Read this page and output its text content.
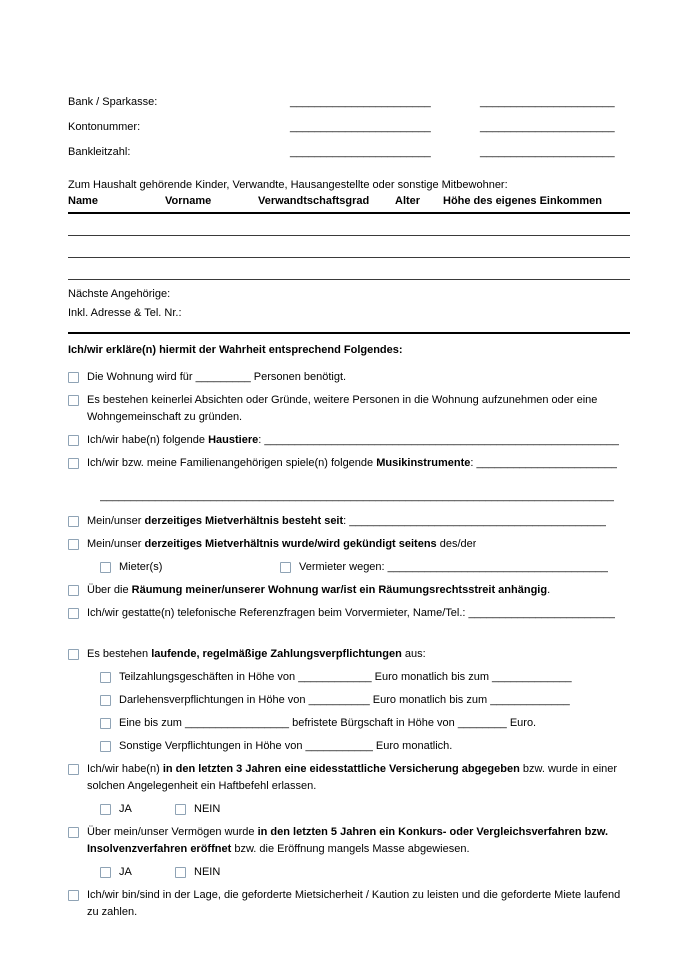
Bank / Sparkasse:	_______________________	______________________
Kontonummer:	_______________________	______________________
Bankleitzahl:	_______________________	______________________
Zum Haushalt gehörende Kinder, Verwandte, Hausangestellte oder sonstige Mitbewohner:
Name	Vorname	Verwandtschaftsgrad	Alter	Höhe des eigenes Einkommen
Nächste Angehörige:
Inkl. Adresse & Tel. Nr.:
Ich/wir erkläre(n) hiermit der Wahrheit entsprechend Folgendes:
Die Wohnung wird für _________ Personen benötigt.
Es bestehen keinerlei Absichten oder Gründe, weitere Personen in die Wohnung aufzunehmen oder eine Wohngemeinschaft zu gründen.
Ich/wir habe(n) folgende Haustiere: __________________________________________________________
Ich/wir bzw. meine Familienangehörigen spiele(n) folgende Musikinstrumente: _______________________
____________________________________________________________________________________
Mein/unser derzeitiges Mietverhältnis besteht seit: __________________________________________
Mein/unser derzeitiges Mietverhältnis wurde/wird gekündigt seitens des/der
Mieter(s)	Vermieter wegen: ____________________________________
Über die Räumung meiner/unserer Wohnung war/ist ein Räumungsrechtsstreit anhängig.
Ich/wir gestatte(n) telefonische Referenzfragen beim Vorvermieter, Name/Tel.: ________________________
Es bestehen laufende, regelmäßige Zahlungsverpflichtungen aus:
Teilzahlungsgeschäften in Höhe von ____________ Euro monatlich bis zum _____________
Darlehensverpflichtungen in Höhe von __________ Euro monatlich bis zum _____________
Eine bis zum _________________ befristete Bürgschaft in Höhe von ________ Euro.
Sonstige Verpflichtungen in Höhe von ___________ Euro monatlich.
Ich/wir habe(n) in den letzten 3 Jahren eine eidesstattliche Versicherung abgegeben bzw. wurde in einer solchen Angelegenheit ein Haftbefehl erlassen.
JA	NEIN
Über mein/unser Vermögen wurde in den letzten 5 Jahren ein Konkurs- oder Vergleichsverfahren bzw. Insolvenzverfahren eröffnet bzw. die Eröffnung mangels Masse abgewiesen.
JA	NEIN
Ich/wir bin/sind in der Lage, die geforderte Mietsicherheit / Kaution zu leisten und die geforderte Miete laufend zu zahlen.
